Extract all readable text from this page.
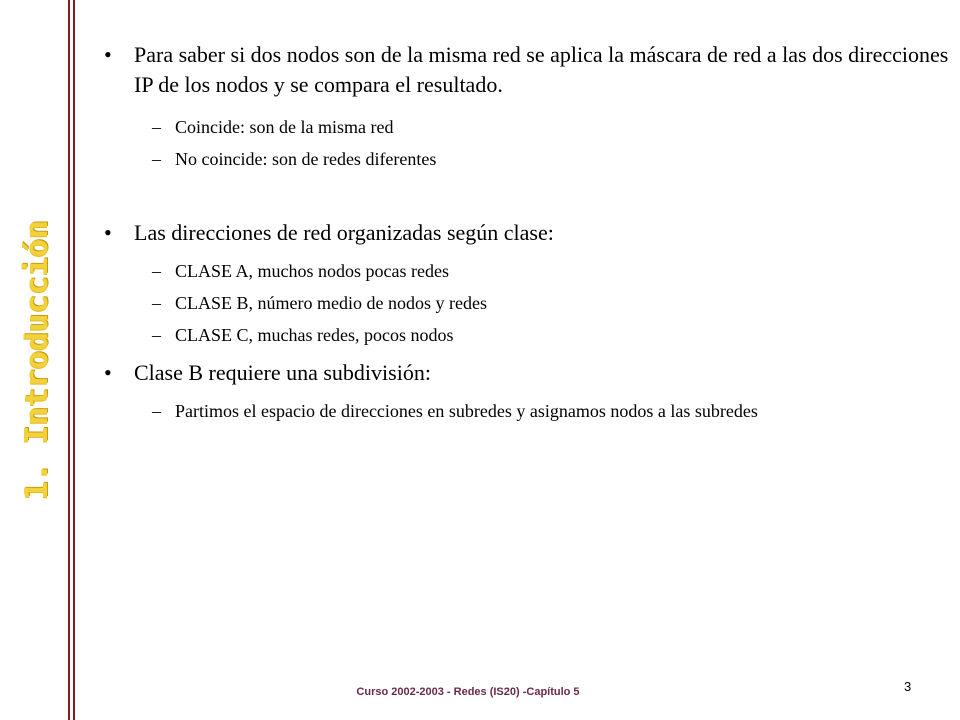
1. Introducción
• Para saber si dos nodos son de la misma red se aplica la máscara de red a las dos direcciones IP de los nodos y se compara el resultado.
– Coincide: son de la misma red
– No coincide: son de redes diferentes
• Las direcciones de red organizadas según clase:
– CLASE A, muchos nodos pocas redes
– CLASE B, número medio de nodos y redes
– CLASE C, muchas redes, pocos nodos
• Clase B requiere una subdivisión:
– Partimos el espacio de direcciones en subredes y asignamos nodos a las subredes
Curso 2002-2003 - Redes (IS20) -Capítulo 5	3
